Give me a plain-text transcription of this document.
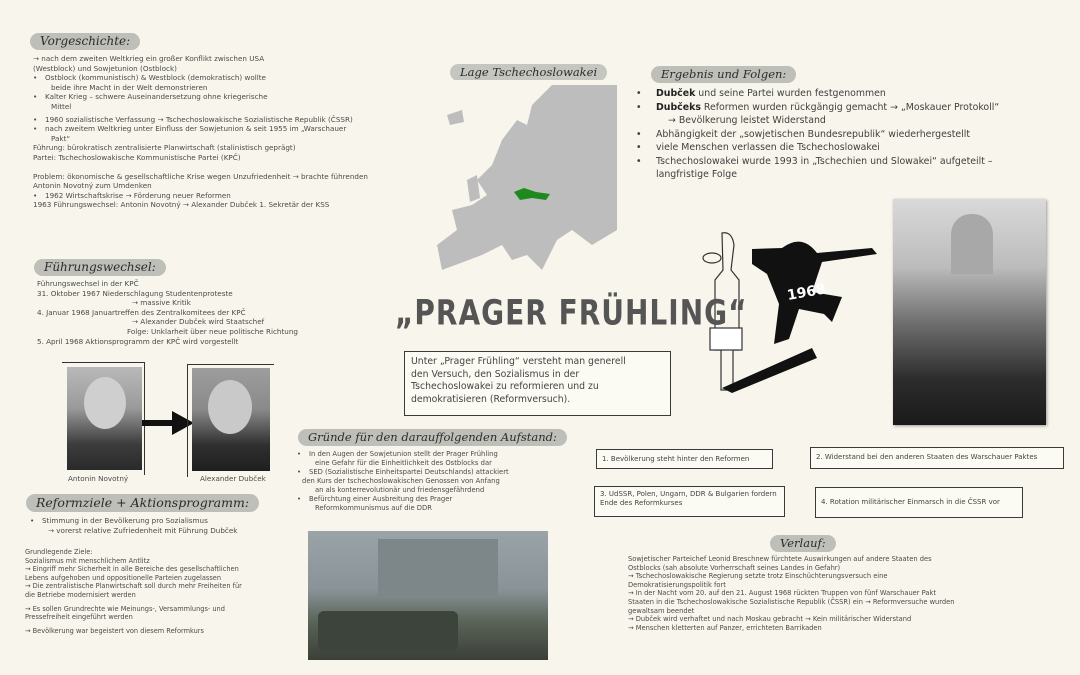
Vorgeschichte:
→ nach dem zweiten Weltkrieg ein großer Konflikt zwischen USA
(Westblock) und Sowjetunion (Ostblock)
• Ostblock (kommunistisch) & Westblock (demokratisch) wollte
beide ihre Macht in der Welt demonstrieren
• Kalter Krieg – schwere Auseinandersetzung ohne kriegerische
Mittel
• 1960 sozialistische Verfassung → Tschechoslowakische Sozialistische Republik (ČSSR)
• nach zweitem Weltkrieg unter Einfluss der Sowjetunion & seit 1955 im „Warschauer
Pakt“
Führung: bürokratisch zentralisierte Planwirtschaft (stalinistisch geprägt)
Partei: Tschechoslowakische Kommunistische Partei (KPČ)
Problem: ökonomische & gesellschaftliche Krise wegen Unzufriedenheit → brachte führenden
Antonin Novotný zum Umdenken
• 1962 Wirtschaftskrise → Förderung neuer Reformen
1963 Führungswechsel: Antonin Novotný → Alexander Dubček 1. Sekretär der KSS
Führungswechsel:
Führungswechsel in der KPČ
31. Oktober 1967 Niederschlagung Studentenproteste
→ massive Kritik
4. Januar 1968 Januartreffen des Zentralkomitees der KPČ
→ Alexander Dubček wird Staatschef
Folge: Unklarheit über neue politische Richtung
5. April 1968 Aktionsprogramm der KPČ wird vorgestellt
Antonin Novotný	Alexander Dubček
Reformziele + Aktionsprogramm:
• Stimmung in der Bevölkerung pro Sozialismus
→ vorerst relative Zufriedenheit mit Führung Dubček
Grundlegende Ziele:
Sozialismus mit menschlichem Antlitz
→ Eingriff mehr Sicherheit in alle Bereiche des gesellschaftlichen
Lebens aufgehoben und oppositionelle Parteien zugelassen
→ Die zentralistische Planwirtschaft soll durch mehr Freiheiten für
die Betriebe modernisiert werden
→ Es sollen Grundrechte wie Meinungs-, Versammlungs- und
Pressefreiheit eingeführt werden
→ Bevölkerung war begeistert von diesem Reformkurs
Lage Tschechoslowakei	Ergebnis und Folgen:
• Dubček und seine Partei wurden festgenommen
• Dubčeks Reformen wurden rückgängig gemacht → „Moskauer Protokoll“
→ Bevölkerung leistet Widerstand
• Abhängigkeit der „sowjetischen Bundesrepublik“ wiederhergestellt
• viele Menschen verlassen die Tschechoslowakei
• Tschechoslowakei wurde 1993 in „Tschechien und Slowakei“ aufgeteilt –
langfristige Folge
1968
„PRAGER FRÜHLING“
Unter „Prager Frühling“ versteht man generell
den Versuch, den Sozialismus in der
Tschechoslowakei zu reformieren und zu
demokratisieren (Reformversuch).
Gründe für den darauffolgenden Aufstand:
• In den Augen der Sowjetunion stellt der Prager Frühling
eine Gefahr für die Einheitlichkeit des Ostblocks dar
• SED (Sozialistische Einheitspartei Deutschlands) attackiert
den Kurs der tschechoslowakischen Genossen von Anfang
an als konterrevolutionär und friedensgefährdend
• Befürchtung einer Ausbreitung des Prager
Reformkommunismus auf die DDR
1. Bevölkerung steht hinter den Reformen	2. Widerstand bei den anderen Staaten des Warschauer Paktes
3. UdSSR, Polen, Ungarn, DDR & Bulgarien fordern
Ende des Reformkurses	4. Rotation militärischer Einmarsch in die ČSSR vor
Verlauf:
Sowjetischer Parteichef Leonid Breschnew fürchtete Auswirkungen auf andere Staaten des
Ostblocks (sah absolute Vorherrschaft seines Landes in Gefahr)
→ Tschechoslowakische Regierung setzte trotz Einschüchterungsversuch eine
Demokratisierungspolitik fort
→ In der Nacht vom 20. auf den 21. August 1968 rückten Truppen von fünf Warschauer Pakt
Staaten in die Tschechoslowakische Sozialistische Republik (ČSSR) ein → Reformversuche wurden
gewaltsam beendet
→ Dubček wird verhaftet und nach Moskau gebracht → Kein militärischer Widerstand
→ Menschen kletterten auf Panzer, errichteten Barrikaden
